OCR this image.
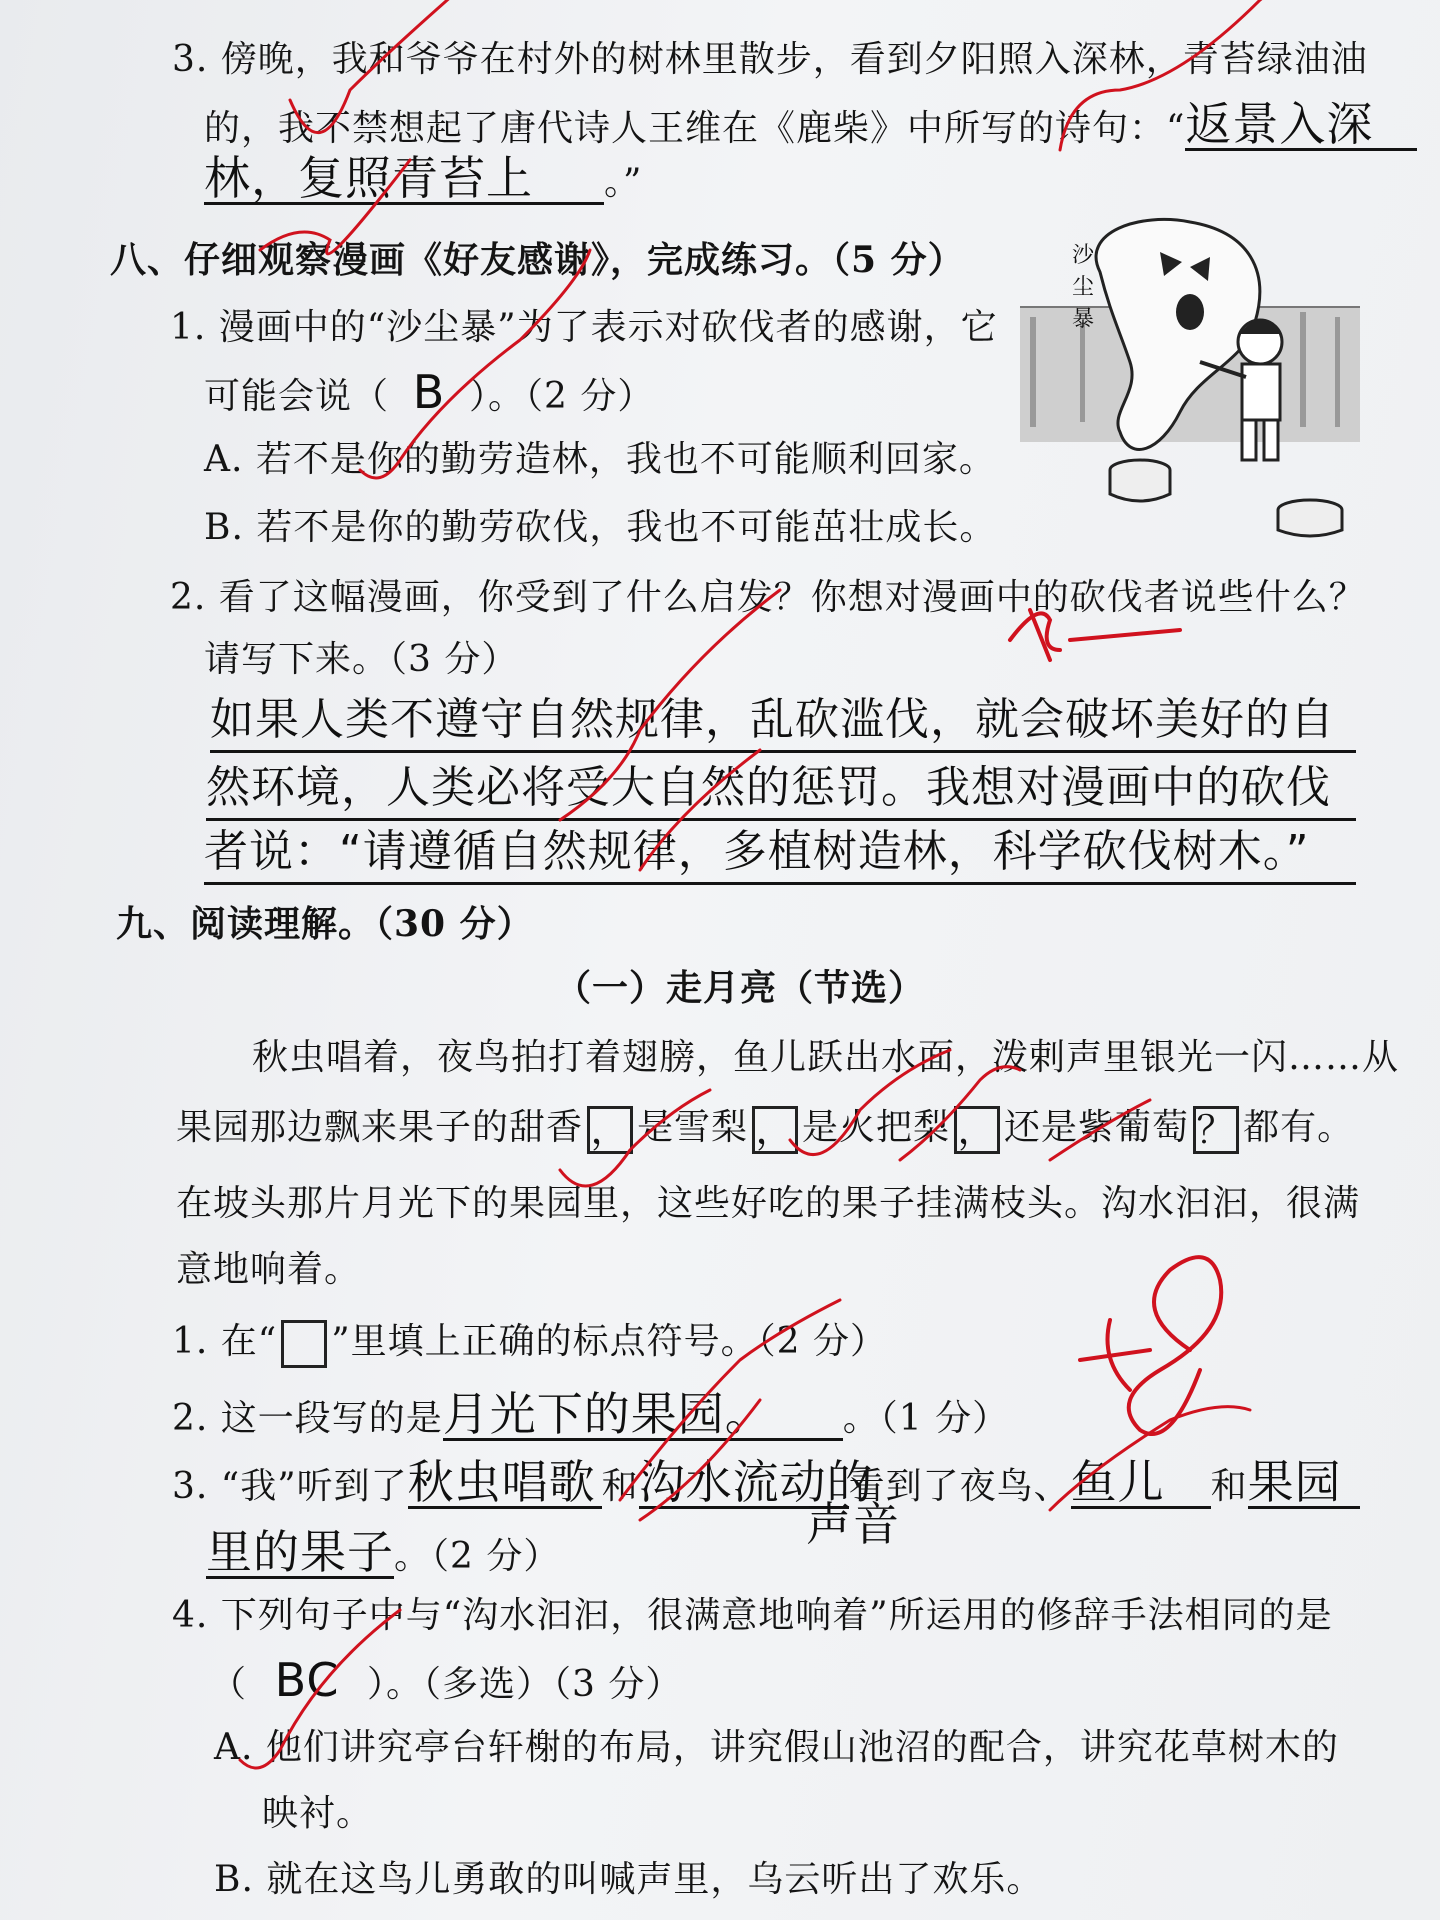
3. 傍晚，我和爷爷在村外的树林里散步，看到夕阳照入深林，青苔绿油油
的，我不禁想起了唐代诗人王维在《鹿柴》中所写的诗句：“返景入深
林，复照青苔上 。”
八、仔细观察漫画《好友感谢》，完成练习。（5 分）
1. 漫画中的“沙尘暴”为了表示对砍伐者的感谢，它
可能会说（ B ）。（2 分）
A. 若不是你的勤劳造林，我也不可能顺利回家。
B. 若不是你的勤劳砍伐，我也不可能茁壮成长。
沙尘暴
2. 看了这幅漫画，你受到了什么启发？你想对漫画中的砍伐者说些什么？
请写下来。（3 分）
如果人类不遵守自然规律，乱砍滥伐，就会破坏美好的自
然环境，人类必将受大自然的惩罚。我想对漫画中的砍伐
者说：“请遵循自然规律，多植树造林，科学砍伐树木。”
九、阅读理解。（30 分）
（一）走月亮（节选）
秋虫唱着，夜鸟拍打着翅膀，鱼儿跃出水面，泼剌声里银光一闪……从
果园那边飘来果子的甜香 ， 是雪梨 ， 是火把梨 ， 还是紫葡萄 ？ 都有。
在坡头那片月光下的果园里，这些好吃的果子挂满枝头。沟水汩汩，很满
意地响着。
1. 在“ ”里填上正确的标点符号。（2 分）
2. 这一段写的是月光下的果园。 。（1 分）
3. “我”听到了秋虫唱歌 和沟水流动的看到了夜鸟、鱼儿 和果园
声音
里的果子。（2 分）
4. 下列句子中与“沟水汩汩，很满意地响着”所运用的修辞手法相同的是
（ BC ）。（多选）（3 分）
A. 他们讲究亭台轩榭的布局，讲究假山池沼的配合，讲究花草树木的
映衬。
B. 就在这鸟儿勇敢的叫喊声里，乌云听出了欢乐。
